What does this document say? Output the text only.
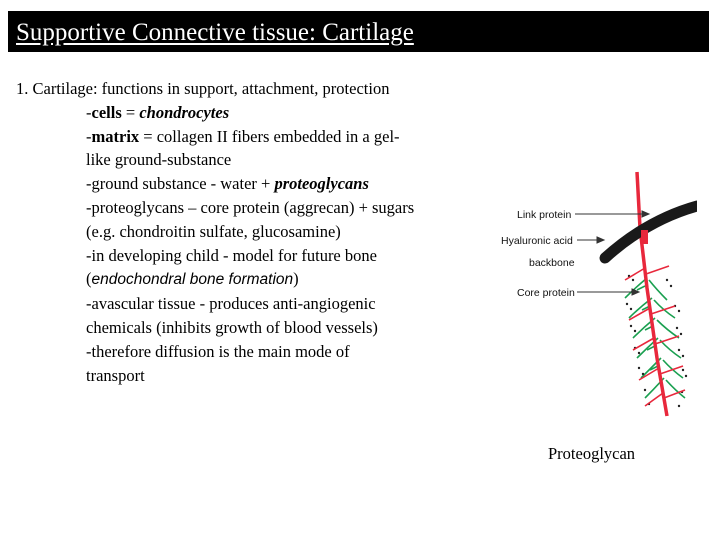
Supportive Connective tissue: Cartilage
1. Cartilage: functions in support, attachment, protection
-cells = chondrocytes
-matrix = collagen II fibers embedded in a gel-
like ground-substance
-ground substance - water + proteoglycans
-proteoglycans – core protein (aggrecan) + sugars
(e.g. chondroitin sulfate, glucosamine)
-in developing child - model for future bone
(endochondral bone formation)
-avascular tissue - produces anti-angiogenic
chemicals (inhibits growth of blood vessels)
-therefore diffusion is the main mode of
transport
Link protein
Hyaluronic acid
backbone
Core protein
Proteoglycan
